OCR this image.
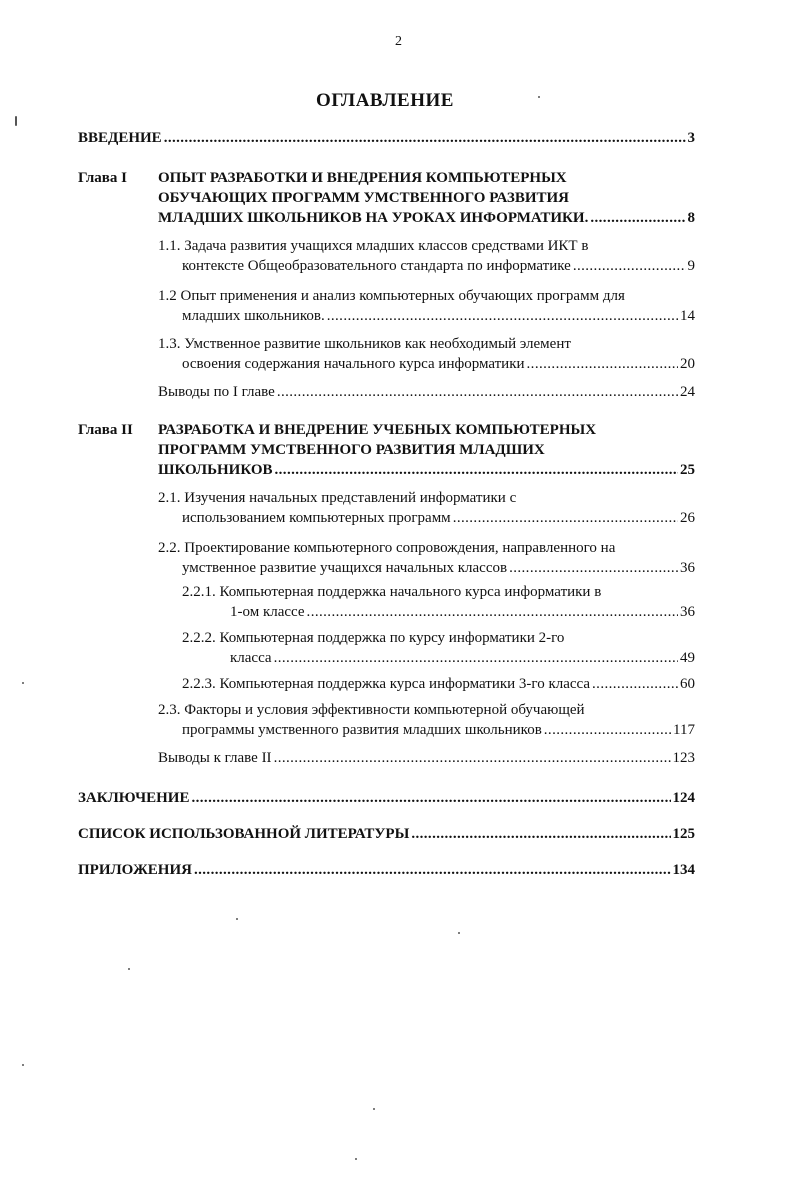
2
ОГЛАВЛЕНИЕ
ВВЕДЕНИЕ .....	3
Глава I ОПЫТ РАЗРАБОТКИ И ВНЕДРЕНИЯ КОМПЬЮТЕРНЫХ
ОБУЧАЮЩИХ ПРОГРАММ УМСТВЕННОГО РАЗВИТИЯ
МЛАДШИХ ШКОЛЬНИКОВ НА УРОКАХ ИНФОРМАТИКИ. .....	8
1.1. Задача развития учащихся младших классов средствами ИКТ в
контексте Общеобразовательного стандарта по информатике .....	9
1.2 Опыт применения и анализ компьютерных обучающих программ для
младших школьников. .....	14
1.3. Умственное развитие школьников как необходимый элемент
освоения содержания начального курса информатики .....	20
Выводы по I главе .....	24
Глава II РАЗРАБОТКА И ВНЕДРЕНИЕ УЧЕБНЫХ КОМПЬЮТЕРНЫХ
ПРОГРАММ УМСТВЕННОГО РАЗВИТИЯ МЛАДШИХ
ШКОЛЬНИКОВ .....	25
2.1. Изучения начальных представлений информатики с
использованием компьютерных программ .....	26
2.2. Проектирование компьютерного сопровождения, направленного на
умственное развитие учащихся начальных классов .....	36
2.2.1. Компьютерная поддержка начального курса информатики в
1-ом классе .....	36
2.2.2. Компьютерная поддержка по курсу информатики 2-го
класса .....	49
2.2.3. Компьютерная поддержка курса информатики 3-го класса .....	60
2.3. Факторы и условия эффективности компьютерной обучающей
программы умственного развития младших школьников .....	117
Выводы к главе II .....	123
ЗАКЛЮЧЕНИЕ .....	124
СПИСОК ИСПОЛЬЗОВАННОЙ ЛИТЕРАТУРЫ .....	125
ПРИЛОЖЕНИЯ .....	134
